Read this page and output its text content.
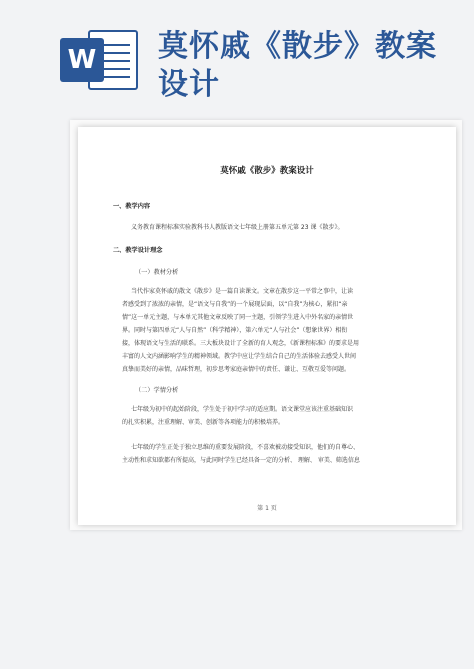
W 莫怀戚《散步》教案设计
莫怀戚《散步》教案设计
一、教学内容
义务教育课程标准实验教科书人教版语文七年级上册第五单元第 23 课《散步》。
二、教学设计理念
（一）教材分析
当代作家莫怀戚的散文《散步》是一篇自读课文。文章在散步这一平常之事中，让读
者感受到了浓浓的亲情，是“语文与自我”的一个展现层面，以“自我”为核心，紧扣“亲
情”这一单元主题，与本单元其他文章反映了同一主题，引领学生进入中外名家的亲情世
界。同时与第四单元“人与自然”（科学精神），第六单元“人与社会”（想象世界）相衔
接，体现语文与生活的联系。三大板块设计了全新的育人观念，《新课程标准》的要求是用
丰富的人文内涵影响学生的精神领域。教学中应让学生结合自己的生活体验去感受人世间
真挚而美好的亲情，品味哲理，初步思考家庭亲情中的责任、谦让、互敬互爱等问题。
（二）学情分析
七年级为初中的起始阶段，学生处于初中学习的适应期。语文课堂应该注重基础知识
的扎实积累，注重理解、审美、创新等各项能力的积极培养。
七年级的学生正处于独立思维的重要发展阶段，不喜欢被动接受知识，他们的自尊心、
主动性和求知欲都有所提高，与此同时学生已经具备一定的分析、 理解、 审美、筛选信息
第 1 页
